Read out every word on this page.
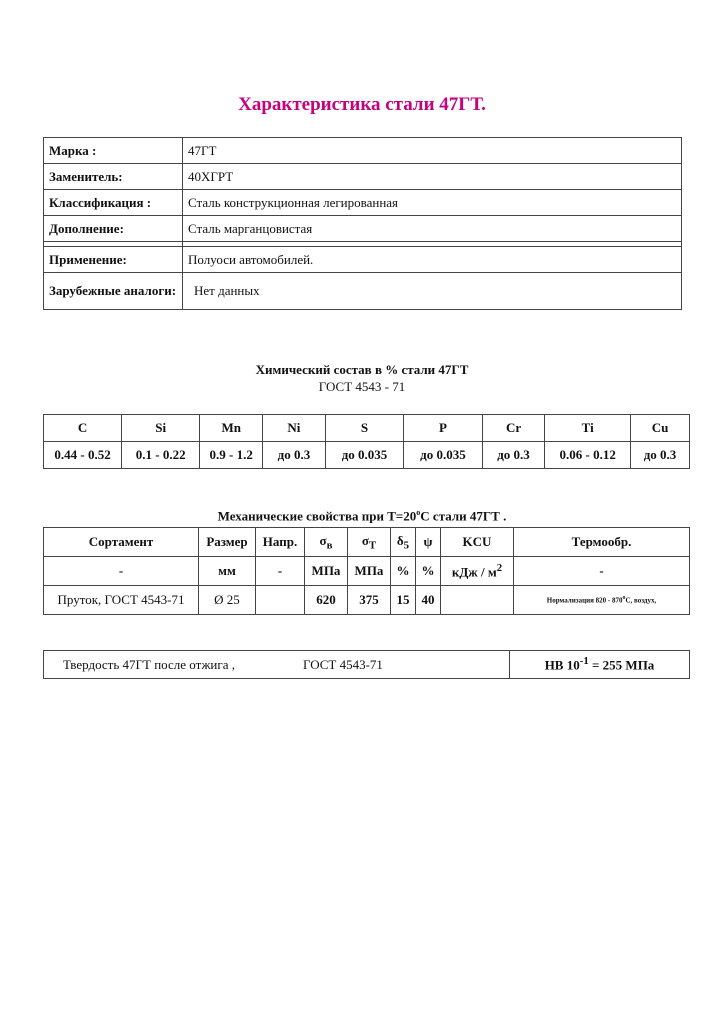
Характеристика стали 47ГТ.
Марка :	47ГТ
Заменитель:	40ХГРТ
Классификация :	Сталь конструкционная легированная
Дополнение:	Сталь марганцовистая

Применение:	Полуоси автомобилей.
Зарубежные аналоги:	Нет данных
Химический состав в % стали 47ГТ
ГОСТ 4543 - 71
C	Si	Mn	Ni	S	P	Cr	Ti	Cu
0.44 - 0.52	0.1 - 0.22	0.9 - 1.2	до 0.3	до 0.035	до 0.035	до 0.3	0.06 - 0.12	до 0.3
Механические свойства при $Т=20^oС$ стали 47ГТ .
Сортамент	Размер	Напр.	$\sigma_в$	$\sigma_T$	$\delta_5$	ψ	KCU	Термообр.
-	мм	-	МПа	МПа	%	%	кДж / $м^2$	-
Пруток, ГОСТ 4543-71	Ø 25		620	375	15	40		Нормализация 820 - 870$^o$C, воздух,
Твердость 47ГТ после отжига ,	ГОСТ 4543-71	HB $10^{-1} = 255$ МПа
